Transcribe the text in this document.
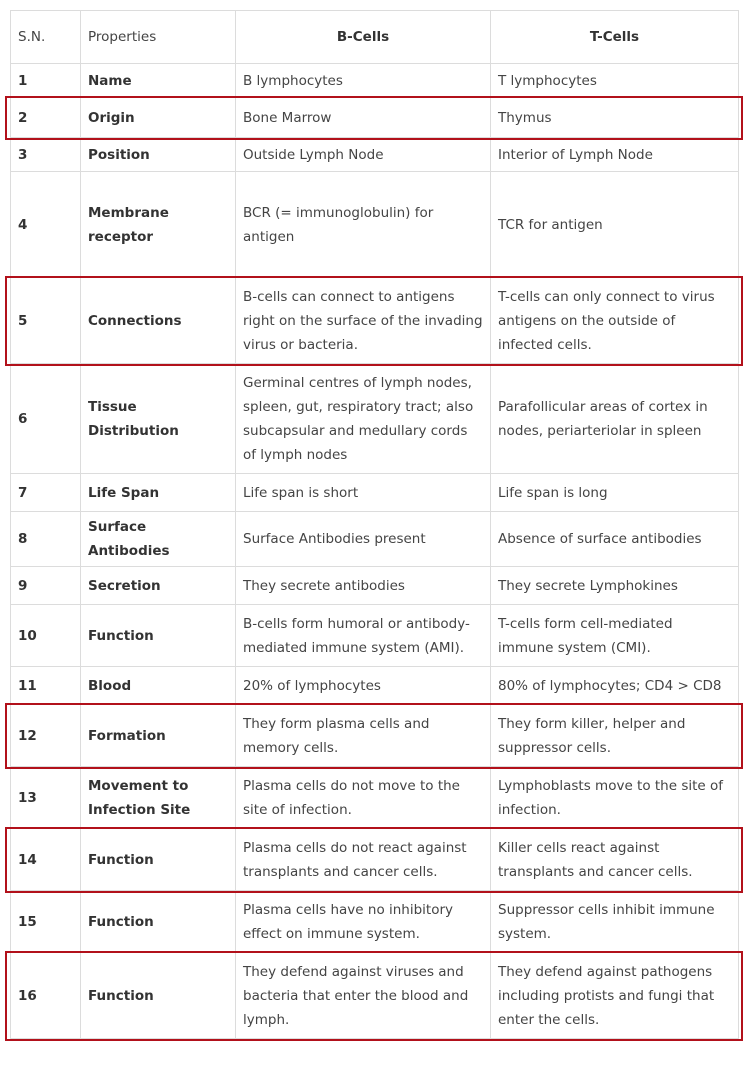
S.N.	Properties	B-Cells	T-Cells
1	Name	B lymphocytes	T lymphocytes
2	Origin	Bone Marrow	Thymus
3	Position	Outside Lymph Node	Interior of Lymph Node
4	Membrane receptor	BCR (= immunoglobulin) for antigen	TCR for antigen
5	Connections	B-cells can connect to antigens right on the surface of the invading virus or bacteria.	T-cells can only connect to virus antigens on the outside of infected cells.
6	Tissue Distribution	Germinal centres of lymph nodes, spleen, gut, respiratory tract; also subcapsular and medullary cords of lymph nodes	Parafollicular areas of cortex in nodes, periarteriolar in spleen
7	Life Span	Life span is short	Life span is long
8	Surface Antibodies	Surface Antibodies present	Absence of surface antibodies
9	Secretion	They secrete antibodies	They secrete Lymphokines
10	Function	B-cells form humoral or antibody-mediated immune system (AMI).	T-cells form cell-mediated immune system (CMI).
11	Blood	20% of lymphocytes	80% of lymphocytes; CD4 > CD8
12	Formation	They form plasma cells and memory cells.	They form killer, helper and suppressor cells.
13	Movement to Infection Site	Plasma cells do not move to the site of infection.	Lymphoblasts move to the site of infection.
14	Function	Plasma cells do not react against transplants and cancer cells.	Killer cells react against transplants and cancer cells.
15	Function	Plasma cells have no inhibitory effect on immune system.	Suppressor cells inhibit immune system.
16	Function	They defend against viruses and bacteria that enter the blood and lymph.	They defend against pathogens including protists and fungi that enter the cells.
